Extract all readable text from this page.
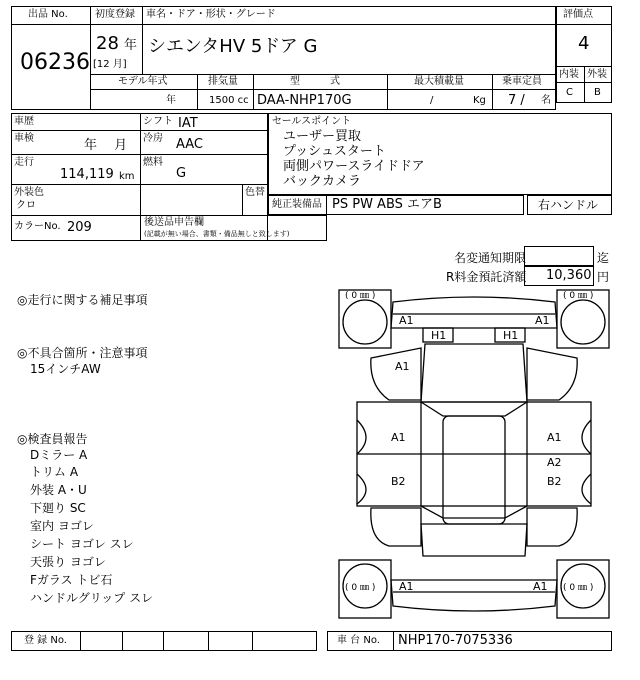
出品 No.
06236
初度登録
28 年
[12 月]
車名・ドア・形状・グレード
シエンタHV 5ドア G
モデル年式
年
排気量
1500 cc
型　　　式
DAA-NHP170G
最大積載量
/	Kg
乗車定員
7 / 名
評価点
4
内装 外装
C B
車歴	シフト IAT
車検	年　 月 冷房 AAC
走行
114,119 km
燃料
G
外装色
クロ
色替
カラーNo. 209	後送品申告欄
(記載が無い場合、書類・備品無しと致します)
セールスポイント
ユーザー買取
プッシュスタート
両側パワースライドドア
バックカメラ
純正装備品 PS PW ABS エアB	右ハンドル
名変通知期限	迄
R料金預託済額 10,360 円
◎走行に関する補足事項
◎不具合箇所・注意事項
15インチAW
◎検査員報告
Dミラー A
トリム A
外装 A・U
下廻り SC
室内 ヨゴレ
シート ヨゴレ スレ
天張り ヨゴレ
Fガラス トビ石
ハンドルグリップ スレ
( 0 ㎜ )	( 0 ㎜ )
( 0 ㎜ )	( 0 ㎜ )
A1	A1
H1	H1
A1
A1	A1
A2
B2	B2
A1	A1
登 録 No.	車 台 No. NHP170-7075336
